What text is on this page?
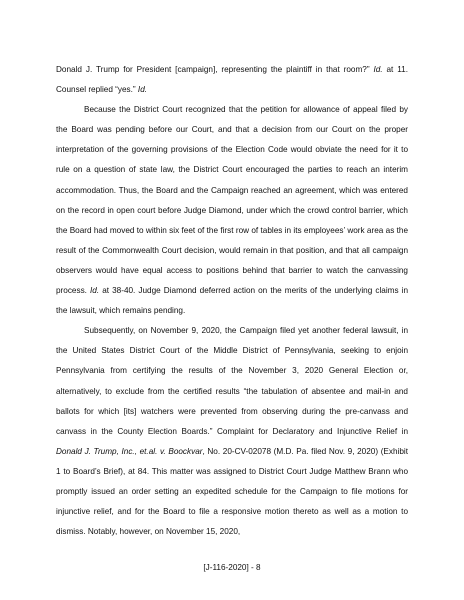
Donald J. Trump for President [campaign], representing the plaintiff in that room?” Id. at 11. Counsel replied “yes.” Id.

Because the District Court recognized that the petition for allowance of appeal filed by the Board was pending before our Court, and that a decision from our Court on the proper interpretation of the governing provisions of the Election Code would obviate the need for it to rule on a question of state law, the District Court encouraged the parties to reach an interim accommodation. Thus, the Board and the Campaign reached an agreement, which was entered on the record in open court before Judge Diamond, under which the crowd control barrier, which the Board had moved to within six feet of the first row of tables in its employees’ work area as the result of the Commonwealth Court decision, would remain in that position, and that all campaign observers would have equal access to positions behind that barrier to watch the canvassing process. Id. at 38-40. Judge Diamond deferred action on the merits of the underlying claims in the lawsuit, which remains pending.

Subsequently, on November 9, 2020, the Campaign filed yet another federal lawsuit, in the United States District Court of the Middle District of Pennsylvania, seeking to enjoin Pennsylvania from certifying the results of the November 3, 2020 General Election or, alternatively, to exclude from the certified results “the tabulation of absentee and mail-in and ballots for which [its] watchers were prevented from observing during the pre-canvass and canvass in the County Election Boards.” Complaint for Declaratory and Injunctive Relief in Donald J. Trump, Inc., et.al. v. Boockvar, No. 20-CV-02078 (M.D. Pa. filed Nov. 9, 2020) (Exhibit 1 to Board’s Brief), at 84. This matter was assigned to District Court Judge Matthew Brann who promptly issued an order setting an expedited schedule for the Campaign to file motions for injunctive relief, and for the Board to file a responsive motion thereto as well as a motion to dismiss. Notably, however, on November 15, 2020,

[J-116-2020] - 8
